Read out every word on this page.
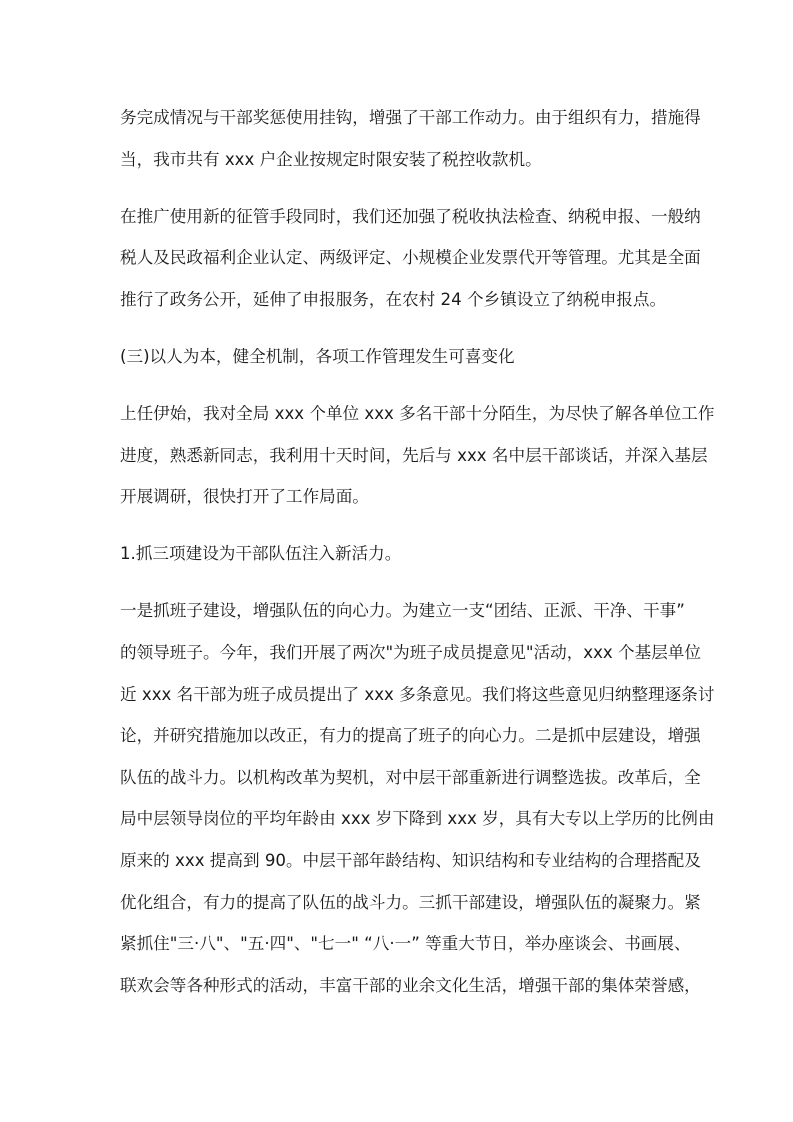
务完成情况与干部奖惩使用挂钩，增强了干部工作动力。由于组织有力，措施得
当，我市共有 xxx 户企业按规定时限安装了税控收款机。

在推广使用新的征管手段同时，我们还加强了税收执法检查、纳税申报、一般纳
税人及民政福利企业认定、两级评定、小规模企业发票代开等管理。尤其是全面
推行了政务公开，延伸了申报服务，在农村 24 个乡镇设立了纳税申报点。

(三)以人为本，健全机制，各项工作管理发生可喜变化

上任伊始，我对全局 xxx 个单位 xxx 多名干部十分陌生，为尽快了解各单位工作
进度，熟悉新同志，我利用十天时间，先后与 xxx 名中层干部谈话，并深入基层
开展调研，很快打开了工作局面。

1.抓三项建设为干部队伍注入新活力。

一是抓班子建设，增强队伍的向心力。为建立一支“团结、正派、干净、干事”
的领导班子。今年，我们开展了两次"为班子成员提意见"活动，xxx 个基层单位
近 xxx 名干部为班子成员提出了 xxx 多条意见。我们将这些意见归纳整理逐条讨
论，并研究措施加以改正，有力的提高了班子的向心力。二是抓中层建设，增强
队伍的战斗力。以机构改革为契机，对中层干部重新进行调整选拔。改革后，全
局中层领导岗位的平均年龄由 xxx 岁下降到 xxx 岁，具有大专以上学历的比例由
原来的 xxx 提高到 90。中层干部年龄结构、知识结构和专业结构的合理搭配及
优化组合，有力的提高了队伍的战斗力。三抓干部建设，增强队伍的凝聚力。紧
紧抓住"三·八"、"五·四"、"七一" “八·一” 等重大节日，举办座谈会、书画展、
联欢会等各种形式的活动，丰富干部的业余文化生活，增强干部的集体荣誉感，
